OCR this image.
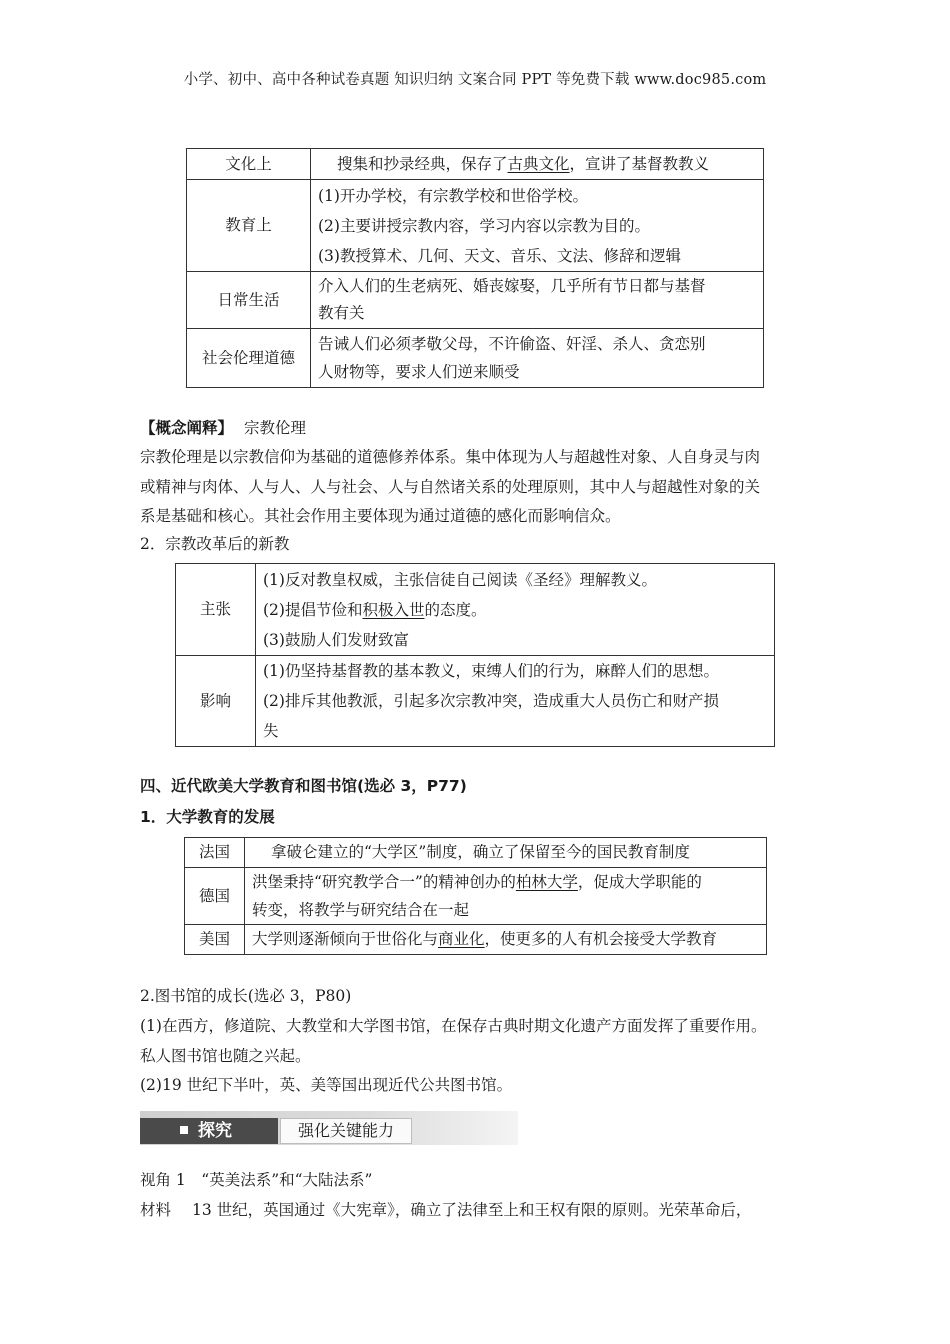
小学、初中、高中各种试卷真题 知识归纳 文案合同 PPT 等免费下载 www.doc985.com
文化上	搜集和抄录经典，保存了古典文化，宣讲了基督教教义

教育上	(1)开办学校，有宗教学校和世俗学校。
(2)主要讲授宗教内容，学习内容以宗教为目的。
(3)教授算术、几何、天文、音乐、文法、修辞和逻辑

日常生活	介入人们的生老病死、婚丧嫁娶，几乎所有节日都与基督
教有关

社会伦理道德	告诫人们必须孝敬父母，不许偷盗、奸淫、杀人、贪恋别
人财物等，要求人们逆来顺受
【概念阐释】 宗教伦理
宗教伦理是以宗教信仰为基础的道德修养体系。集中体现为人与超越性对象、人自身灵与肉
或精神与肉体、人与人、人与社会、人与自然诸关系的处理原则，其中人与超越性对象的关
系是基础和核心。其社会作用主要体现为通过道德的感化而影响信众。
2．宗教改革后的新教
主张	(1)反对教皇权威，主张信徒自己阅读《圣经》理解教义。
(2)提倡节俭和积极入世的态度。
(3)鼓励人们发财致富

影响	(1)仍坚持基督教的基本教义，束缚人们的行为，麻醉人们的思想。
(2)排斥其他教派，引起多次宗教冲突，造成重大人员伤亡和财产损
失
四、近代欧美大学教育和图书馆(选必 3，P77)
1．大学教育的发展
法国	拿破仑建立的“大学区”制度，确立了保留至今的国民教育制度

德国	洪堡秉持“研究教学合一”的精神创办的柏林大学，促成大学职能的
转变，将教学与研究结合在一起

美国	大学则逐渐倾向于世俗化与商业化，使更多的人有机会接受大学教育
2.图书馆的成长(选必 3，P80)
(1)在西方，修道院、大教堂和大学图书馆，在保存古典时期文化遗产方面发挥了重要作用。
私人图书馆也随之兴起。
(2)19 世纪下半叶，英、美等国出现近代公共图书馆。
探究	强化关键能力
视角 1　“英美法系”和“大陆法系”
材料 13 世纪，英国通过《大宪章》，确立了法律至上和王权有限的原则。光荣革命后，
